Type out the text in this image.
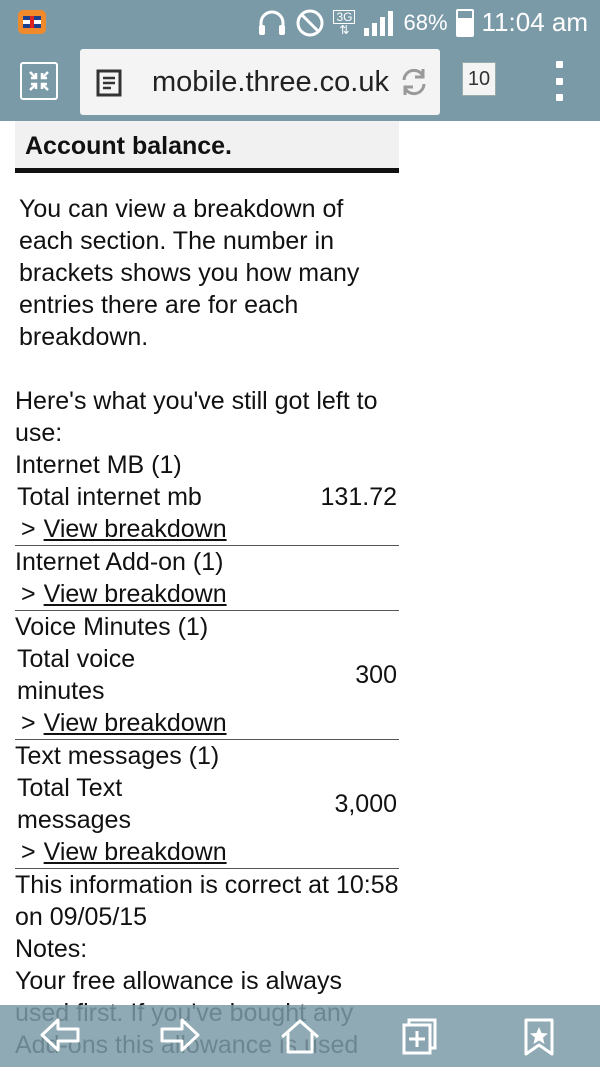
3G
⇅ 68% 11:04 am
mobile.three.co.uk	10
Account balance.
You can view a breakdown of each section. The number in brackets shows you how many entries there are for each breakdown.
Here's what you've still got left to use:
Internet MB (1)
Total internet mb	131.72
> View breakdown
Internet Add-on (1)
> View breakdown
Voice Minutes (1)
Total voice minutes
300
> View breakdown
Text messages (1)
Total Text messages
3,000
> View breakdown
This information is correct at 10:58 on 09/05/15
Notes:
Your free allowance is always
